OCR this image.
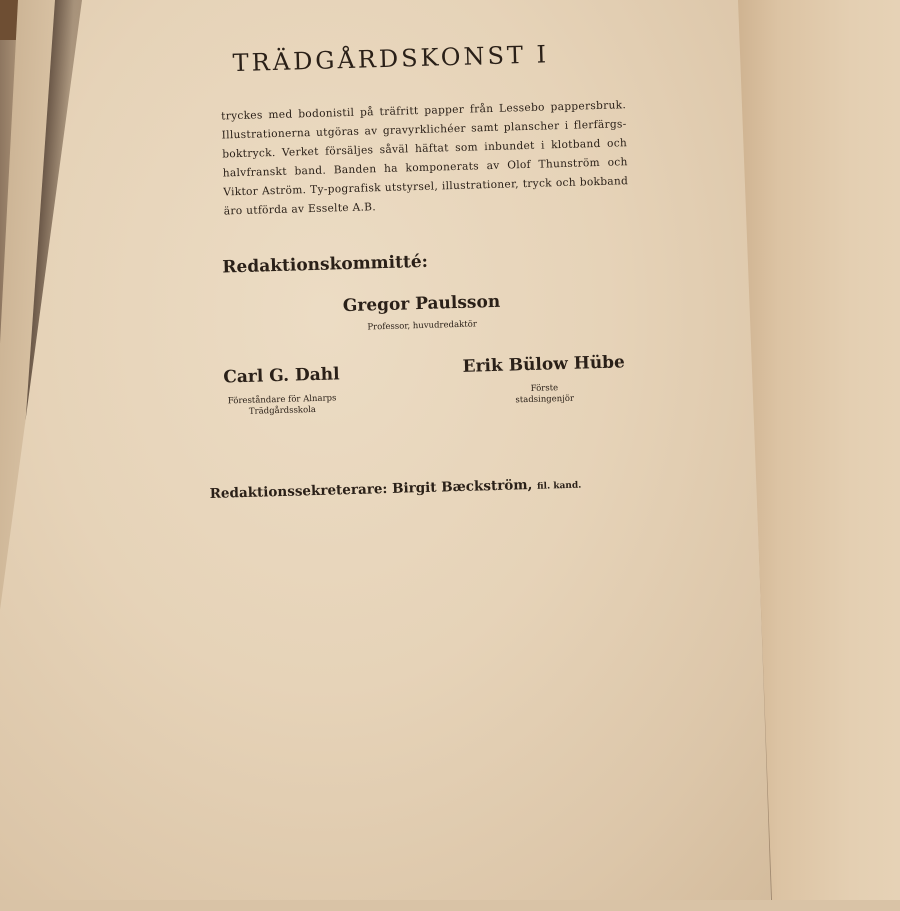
TRÄDGÅRDSKONST I
tryckes med bodonistil på träfritt papper från Lessebo pappersbruk. Illustrationerna utgöras av gravyrklichéer samt planscher i flerfärgs-boktryck. Verket försäljes såväl häftat som inbundet i klotband och halvfranskt band. Banden ha komponerats av Olof Thunström och Viktor Aström. Ty-pografisk utstyrsel, illustrationer, tryck och bokband äro utförda av Esselte A.B.
Redaktionskommitté:
Gregor Paulsson
Professor, huvudredaktör
Carl G. Dahl
Föreståndare för Alnarps
Trädgårdsskola
Erik Bülow Hübe
Förste
stadsingenjör
Redaktionssekreterare: Birgit Bæckström, fil. kand.
